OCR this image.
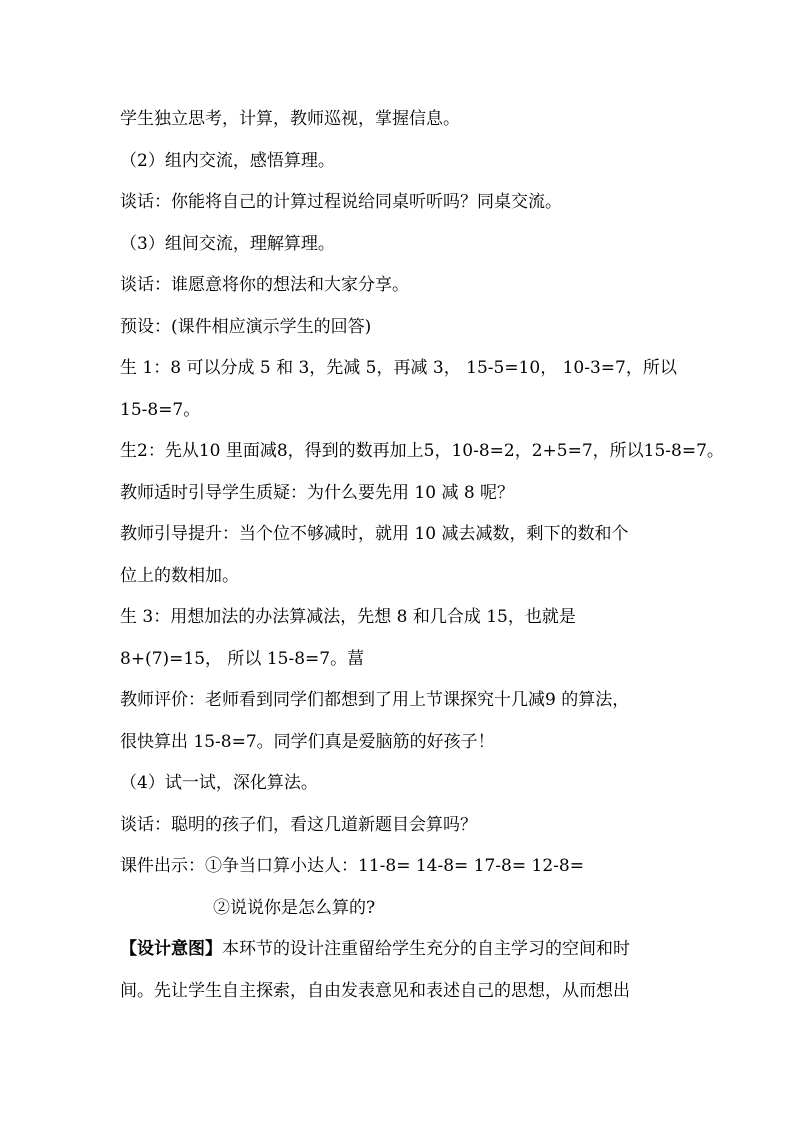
学生独立思考，计算，教师巡视，掌握信息。
（2）组内交流，感悟算理。
谈话：你能将自己的计算过程说给同桌听听吗？同桌交流。
（3）组间交流，理解算理。
谈话：谁愿意将你的想法和大家分享。
预设：(课件相应演示学生的回答)
生 1：8 可以分成 5 和 3，先减 5，再减 3， 15-5=10， 10-3=7，所以
15-8=7。
生2：先从10 里面减8，得到的数再加上5，10-8=2，2+5=7，所以15-8=7。
教师适时引导学生质疑：为什么要先用 10 减 8 呢？
教师引导提升：当个位不够减时，就用 10 减去减数，剩下的数和个
位上的数相加。
生 3：用想加法的办法算减法，先想 8 和几合成 15，也就是
8+(7)=15， 所以 15-8=7。葍
教师评价：老师看到同学们都想到了用上节课探究十几减9 的算法，
很快算出 15-8=7。同学们真是爱脑筋的好孩子！
（4）试一试，深化算法。
谈话：聪明的孩子们，看这几道新题目会算吗？
课件出示：①争当口算小达人：11-8= 14-8= 17-8= 12-8=
②说说你是怎么算的?
【设计意图】本环节的设计注重留给学生充分的自主学习的空间和时
间。先让学生自主探索，自由发表意见和表述自己的思想，从而想出
